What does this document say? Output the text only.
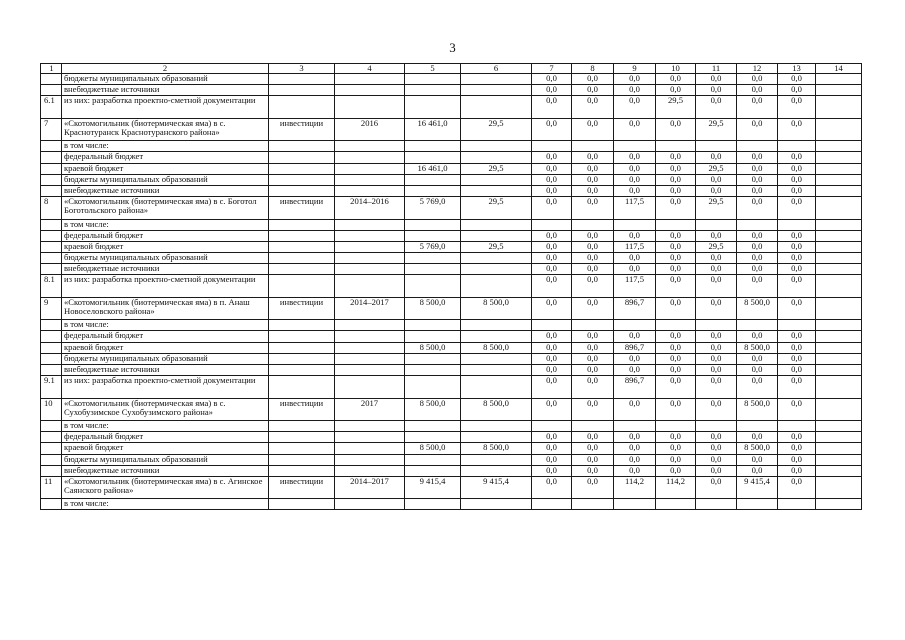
3
1	2	3	4	5	6	7	8	9	10	11	12	13	14
	бюджеты муниципальных образований					0,0	0,0	0,0	0,0	0,0	0,0	0,0	
	внебюджетные источники					0,0	0,0	0,0	0,0	0,0	0,0	0,0	
6.1	из них: разработка проектно-сметной документации					0,0	0,0	0,0	29,5	0,0	0,0	0,0	
7	«Скотомогильник (биотермическая яма) в с. Краснотуранск Краснотуранского района»	инвестиции	2016	16 461,0	29,5	0,0	0,0	0,0	0,0	29,5	0,0	0,0	
	в том числе:												
	федеральный бюджет					0,0	0,0	0,0	0,0	0,0	0,0	0,0	
	краевой бюджет			16 461,0	29,5	0,0	0,0	0,0	0,0	29,5	0,0	0,0	
	бюджеты муниципальных образований					0,0	0,0	0,0	0,0	0,0	0,0	0,0	
	внебюджетные источники					0,0	0,0	0,0	0,0	0,0	0,0	0,0	
8	«Скотомогильник (биотермическая яма) в с. Боготол Боготольского района»	инвестиции	2014–2016	5 769,0	29,5	0,0	0,0	117,5	0,0	29,5	0,0	0,0	
	в том числе:												
	федеральный бюджет					0,0	0,0	0,0	0,0	0,0	0,0	0,0	
	краевой бюджет			5 769,0	29,5	0,0	0,0	117,5	0,0	29,5	0,0	0,0	
	бюджеты муниципальных образований					0,0	0,0	0,0	0,0	0,0	0,0	0,0	
	внебюджетные источники					0,0	0,0	0,0	0,0	0,0	0,0	0,0	
8.1	из них: разработка проектно-сметной документации					0,0	0,0	117,5	0,0	0,0	0,0	0,0	
9	«Скотомогильник (биотермическая яма) в п. Анаш Новоселовского района»	инвестиции	2014–2017	8 500,0	8 500,0	0,0	0,0	896,7	0,0	0,0	8 500,0	0,0	
	в том числе:												
	федеральный бюджет					0,0	0,0	0,0	0,0	0,0	0,0	0,0	
	краевой бюджет			8 500,0	8 500,0	0,0	0,0	896,7	0,0	0,0	8 500,0	0,0	
	бюджеты муниципальных образований					0,0	0,0	0,0	0,0	0,0	0,0	0,0	
	внебюджетные источники					0,0	0,0	0,0	0,0	0,0	0,0	0,0	
9.1	из них: разработка проектно-сметной документации					0,0	0,0	896,7	0,0	0,0	0,0	0,0	
10	«Скотомогильник (биотермическая яма) в с. Сухобузимское Сухобузимского района»	инвестиции	2017	8 500,0	8 500,0	0,0	0,0	0,0	0,0	0,0	8 500,0	0,0	
	в том числе:												
	федеральный бюджет					0,0	0,0	0,0	0,0	0,0	0,0	0,0	
	краевой бюджет			8 500,0	8 500,0	0,0	0,0	0,0	0,0	0,0	8 500,0	0,0	
	бюджеты муниципальных образований					0,0	0,0	0,0	0,0	0,0	0,0	0,0	
	внебюджетные источники					0,0	0,0	0,0	0,0	0,0	0,0	0,0	
11	«Скотомогильник (биотермическая яма) в с. Агинское Саянского района»	инвестиции	2014–2017	9 415,4	9 415,4	0,0	0,0	114,2	114,2	0,0	9 415,4	0,0	
	в том числе:												
